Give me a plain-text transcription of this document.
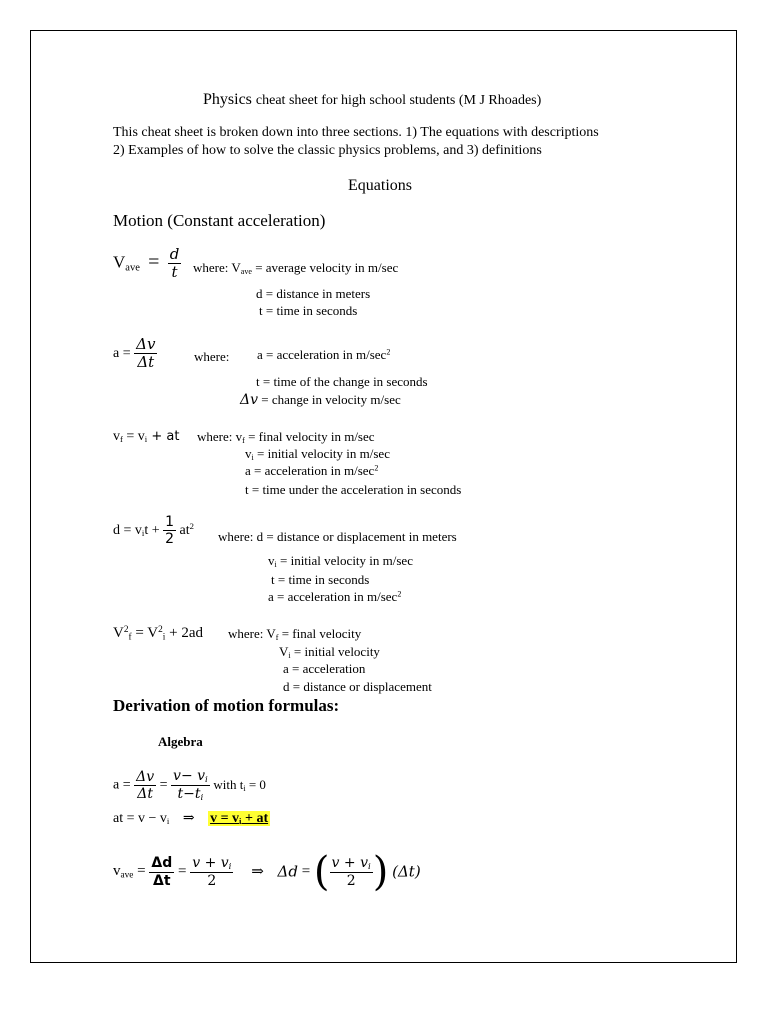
Physics cheat sheet for high school students (M J Rhoades)
This cheat sheet is broken down into three sections. 1) The equations with descriptions
2) Examples of how to solve the classic physics problems, and 3) definitions
Equations
Motion (Constant acceleration)
$V_{ave} = \frac{d}{t}$ where: $V_{ave}$ = average velocity in m/sec
d = distance in meters
t = time in seconds
$a = \frac{\Delta v}{\Delta t}$	where: a = acceleration in $m/\sec^2$
t = time of the change in seconds
Δv = change in velocity m/sec
$v_f = v_i$ + at where: $v_f$ = final velocity in m/sec
$v_i$ = initial velocity in m/sec
a = acceleration in $m/\sec^2$
t = time under the acceleration in seconds
$d = v_it + \frac{1}{2} at^2$
where: d = distance or displacement in meters
$v_i$ = initial velocity in m/sec
t = time in seconds
a = acceleration in $m/\sec^2$
$V^2_f = V^2_i + 2ad$ where: $V_f$ = final velocity
$V_i$ = initial velocity
a = acceleration
d = distance or displacement
Derivation of motion formulas:
Algebra
$a = \frac{\Delta v}{\Delta t} = \frac{v- v_i}{t-t_i}$ with $t_i = 0$
at = $v - v_i$ ⇒ $v = v_i$ + at
$v_{ave} = \frac{\Delta d}{\Delta t} = \frac{v + v_i}{2}$ ⇒ Δd = ( $\frac{v + v_i}{2}$ ) (Δt)
